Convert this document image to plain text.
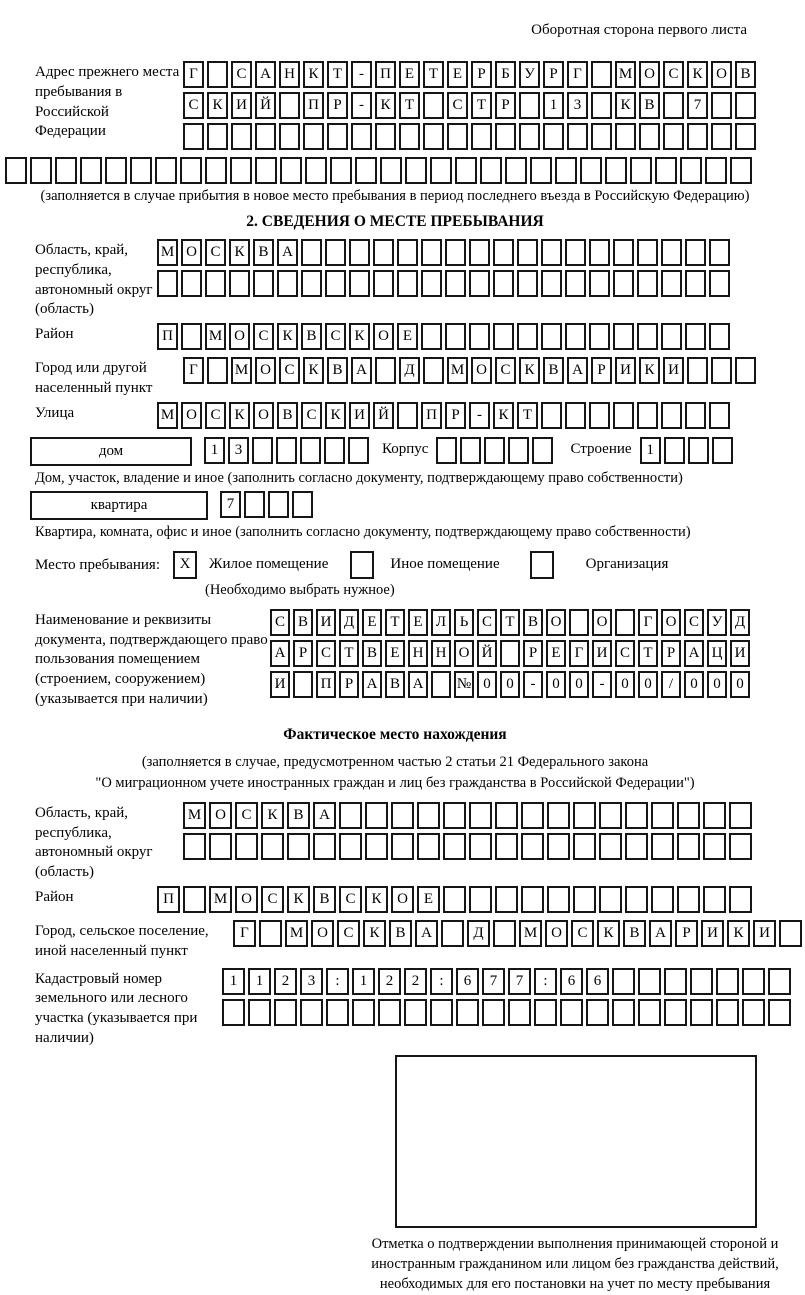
Оборотная сторона первого листа
Адрес прежнего места пребывания в Российской Федерации
Г	С А Н К Т	-	П Е Т Е	Р	Б У Р	Г	М О С К О В
С К И Й	П Р	-	К Т	С Т	Р	1	3	К В	7
(заполняется в случае прибытия в новое место пребывания в период последнего въезда в Российскую Федерацию)
2. СВЕДЕНИЯ О МЕСТЕ ПРЕБЫВАНИЯ
Область, край, республика, автономный округ (область)
М О С К В А
Район	П	М О С К В С К О Е
Город или другой населенный пункт
Г	М О С К В А	Д	М О С К В А Р И К И
Улица	М О С К О В С К И Й	П Р	-	К Т
дом	1	3	Корпус	Строение 1
Дом, участок, владение и иное (заполнить согласно документу, подтверждающему право собственности)
квартира	7
Квартира, комната, офис и иное (заполнить согласно документу, подтверждающему право собственности)
Место пребывания:	X	Жилое помещение	Иное помещение	Организация
(Необходимо выбрать нужное)
Наименование и реквизиты документа, подтверждающего право пользования помещением (строением, сооружением) (указывается при наличии)
С В И Д Е Т Е Л Ь С Т В О	О	Г О С У Д
А Р С Т В Е Н Н О Й	Р Е Г И С Т Р А Ц И
И	П Р А В А	№ 0	0	-	0	0	-	0	0	/	0	0	0
Фактическое место нахождения
(заполняется в случае, предусмотренном частью 2 статьи 21 Федерального закона
"О миграционном учете иностранных граждан и лиц без гражданства в Российской Федерации")
Область, край, республика, автономный округ (область)
М О	С	К	В	А
Район	П	М О	С	К	В	С	К	О	Е
Город, сельское поселение, иной населенный пункт
Г	М О	С	К	В	А	Д	М О	С	К	В	А	Р	И	К	И
Кадастровый номер земельного или лесного участка (указывается при наличии)
1	1	2	3	:	1	2	2	:	6	7	7	:	6	6
Отметка о подтверждении выполнения принимающей стороной и иностранным гражданином или лицом без гражданства действий, необходимых для его постановки на учет по месту пребывания
